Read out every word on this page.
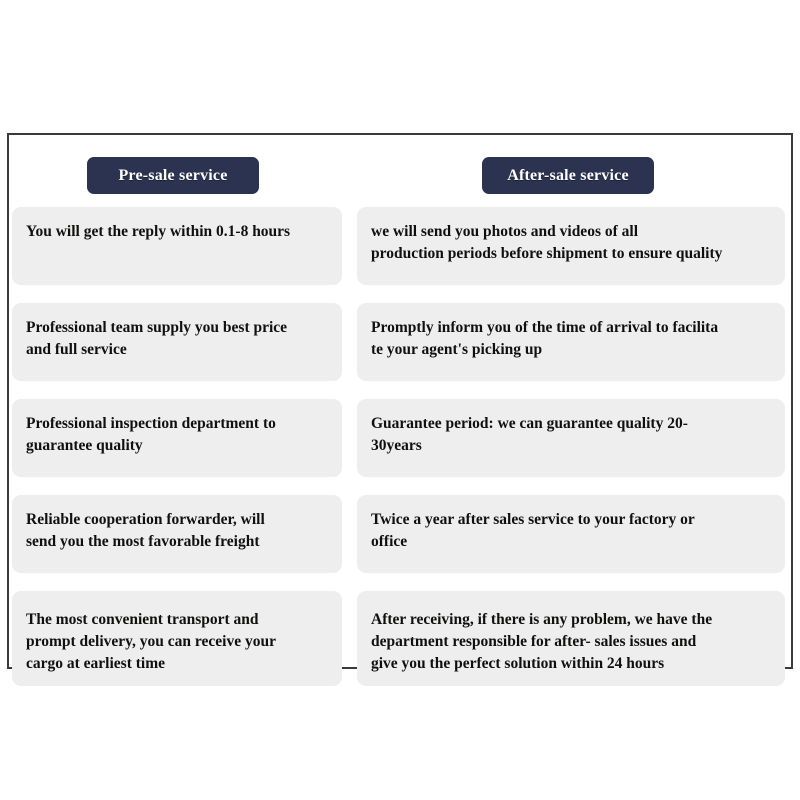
Pre-sale service	After-sale service
You will get the reply within 0.1-8 hours
Professional team supply you best price
and full service
Professional inspection department to
guarantee quality
Reliable cooperation forwarder, will
send you the most favorable freight
The most convenient transport and
prompt delivery, you can receive your
cargo at earliest time
we will send you photos and videos of all
production periods before shipment to ensure quality
Promptly inform you of the time of arrival to facilita
te your agent's picking up
Guarantee period: we can guarantee quality 20-
30years
Twice a year after sales service to your factory or
office
After receiving, if there is any problem, we have the
department responsible for after- sales issues and
give you the perfect solution within 24 hours
